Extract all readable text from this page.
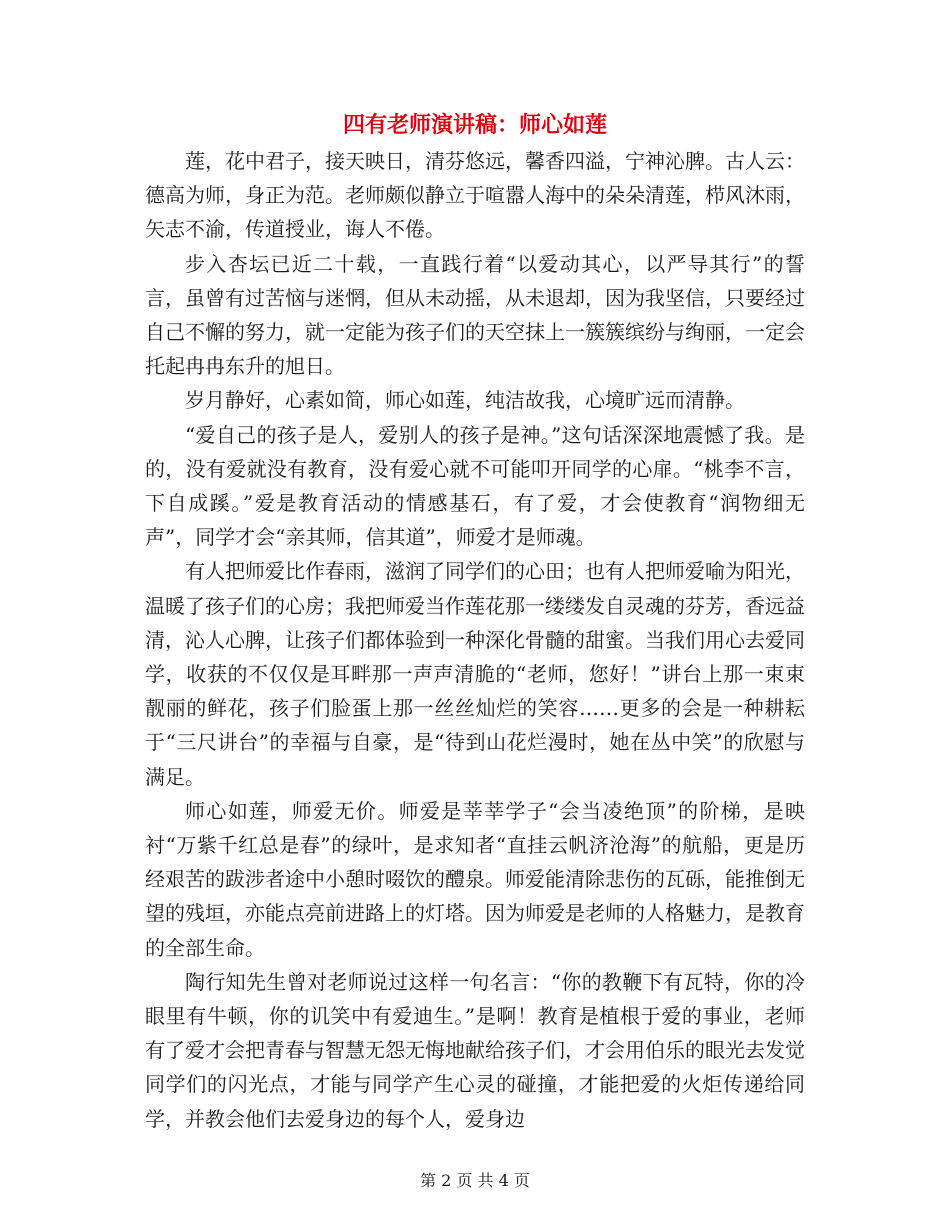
四有老师演讲稿：师心如莲

莲，花中君子，接天映日，清芬悠远，馨香四溢，宁神沁脾。古人云：德高为师，身正为范。老师颇似静立于喧嚣人海中的朵朵清莲，栉风沐雨，矢志不渝，传道授业，诲人不倦。

步入杏坛已近二十载，一直践行着“以爱动其心，以严导其行”的誓言，虽曾有过苦恼与迷惘，但从未动摇，从未退却，因为我坚信，只要经过自己不懈的努力，就一定能为孩子们的天空抹上一簇簇缤纷与绚丽，一定会托起冉冉东升的旭日。

岁月静好，心素如简，师心如莲，纯洁故我，心境旷远而清静。

“爱自己的孩子是人，爱别人的孩子是神。”这句话深深地震憾了我。是的，没有爱就没有教育，没有爱心就不可能叩开同学的心扉。“桃李不言，下自成蹊。”爱是教育活动的情感基石，有了爱，才会使教育“润物细无声”，同学才会“亲其师，信其道”，师爱才是师魂。

有人把师爱比作春雨，滋润了同学们的心田；也有人把师爱喻为阳光，温暖了孩子们的心房；我把师爱当作莲花那一缕缕发自灵魂的芬芳，香远益清，沁人心脾，让孩子们都体验到一种深化骨髓的甜蜜。当我们用心去爱同学，收获的不仅仅是耳畔那一声声清脆的“老师，您好！”讲台上那一束束靓丽的鲜花，孩子们脸蛋上那一丝丝灿烂的笑容……更多的会是一种耕耘于“三尺讲台”的幸福与自豪，是“待到山花烂漫时，她在丛中笑”的欣慰与满足。

师心如莲，师爱无价。师爱是莘莘学子“会当凌绝顶”的阶梯，是映衬“万紫千红总是春”的绿叶，是求知者“直挂云帆济沧海”的航船，更是历经艰苦的跋涉者途中小憩时啜饮的醴泉。师爱能清除悲伤的瓦砾，能推倒无望的残垣，亦能点亮前进路上的灯塔。因为师爱是老师的人格魅力，是教育的全部生命。

陶行知先生曾对老师说过这样一句名言：“你的教鞭下有瓦特，你的冷眼里有牛顿，你的讥笑中有爱迪生。”是啊！教育是植根于爱的事业，老师有了爱才会把青春与智慧无怨无悔地献给孩子们，才会用伯乐的眼光去发觉同学们的闪光点，才能与同学产生心灵的碰撞，才能把爱的火炬传递给同学，并教会他们去爱身边的每个人，爱身边

第 2 页 共 4 页
